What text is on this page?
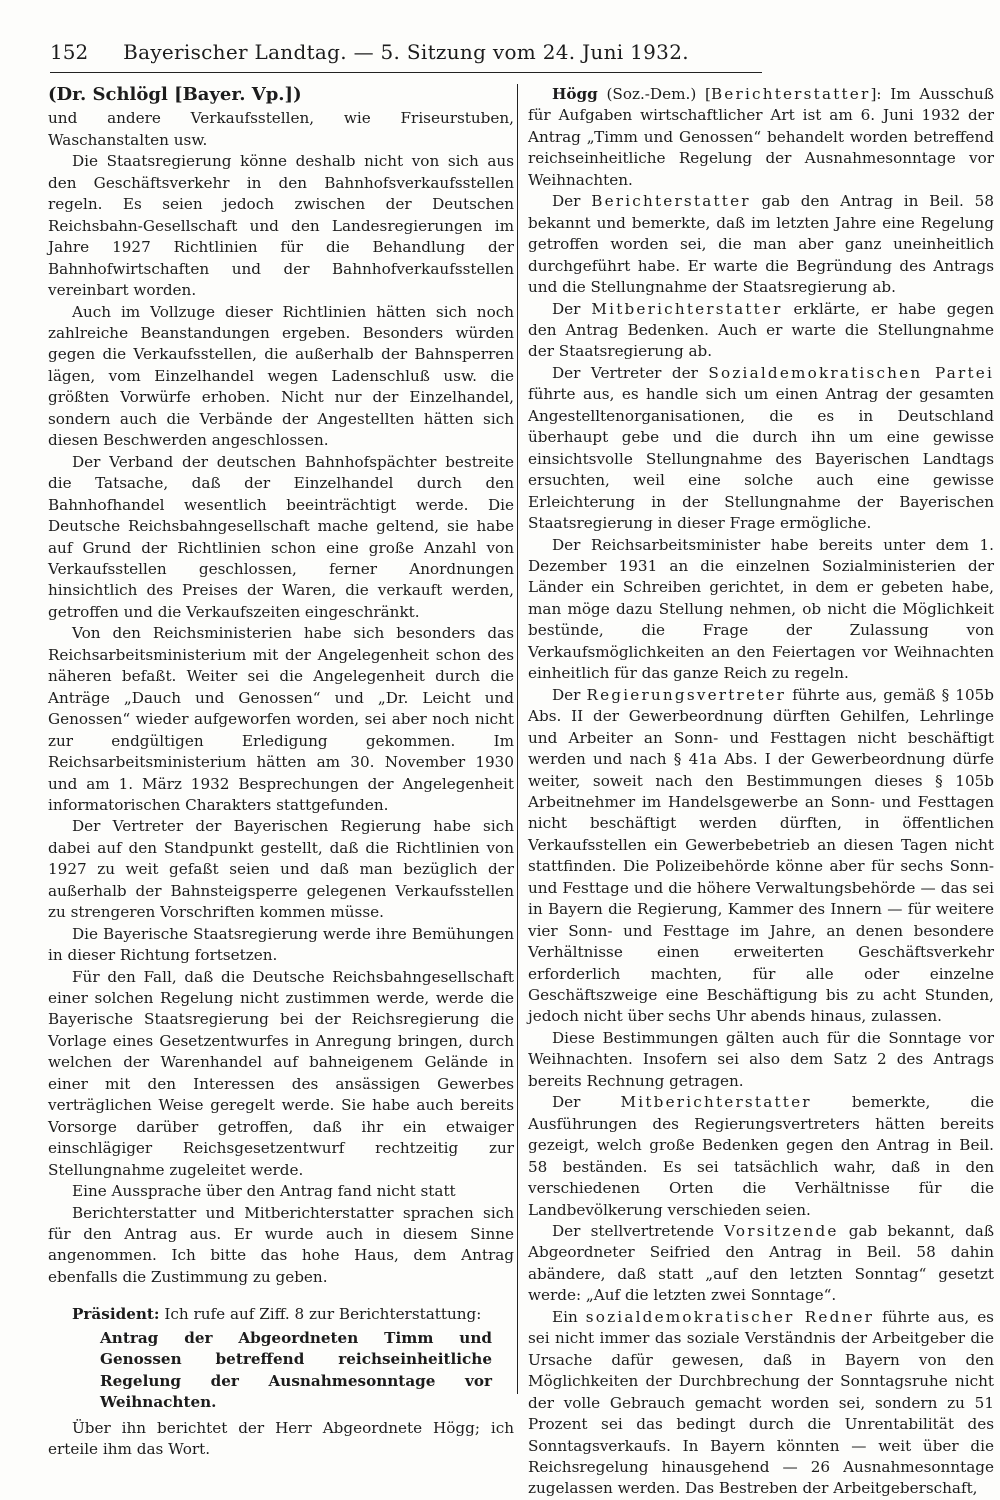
152	Bayerischer Landtag. — 5. Sitzung vom 24. Juni 1932.

(Dr. Schlögl [Bayer. Vp.])

und andere Verkaufsstellen, wie Friseurstuben, Waschanstalten usw.

Die Staatsregierung könne deshalb nicht von sich aus den Geschäftsverkehr in den Bahnhofsverkaufsstellen regeln. Es seien jedoch zwischen der Deutschen Reichsbahn-Gesellschaft und den Landesregierungen im Jahre 1927 Richtlinien für die Behandlung der Bahnhofwirtschaften und der Bahnhofverkaufsstellen vereinbart worden.

Auch im Vollzuge dieser Richtlinien hätten sich noch zahlreiche Beanstandungen ergeben. Besonders würden gegen die Verkaufsstellen, die außerhalb der Bahnsperren lägen, vom Einzelhandel wegen Ladenschluß usw. die größten Vorwürfe erhoben. Nicht nur der Einzelhandel, sondern auch die Verbände der Angestellten hätten sich diesen Beschwerden angeschlossen.

Der Verband der deutschen Bahnhofspächter bestreite die Tatsache, daß der Einzelhandel durch den Bahnhofhandel wesentlich beeinträchtigt werde. Die Deutsche Reichsbahngesellschaft mache geltend, sie habe auf Grund der Richtlinien schon eine große Anzahl von Verkaufsstellen geschlossen, ferner Anordnungen hinsichtlich des Preises der Waren, die verkauft werden, getroffen und die Verkaufszeiten eingeschränkt.

Von den Reichsministerien habe sich besonders das Reichsarbeitsministerium mit der Angelegenheit schon des näheren befaßt. Weiter sei die Angelegenheit durch die Anträge „Dauch und Genossen“ und „Dr. Leicht und Genossen“ wieder aufgeworfen worden, sei aber noch nicht zur endgültigen Erledigung gekommen. Im Reichsarbeitsministerium hätten am 30. November 1930 und am 1. März 1932 Besprechungen der Angelegenheit informatorischen Charakters stattgefunden.

Der Vertreter der Bayerischen Regierung habe sich dabei auf den Standpunkt gestellt, daß die Richtlinien von 1927 zu weit gefaßt seien und daß man bezüglich der außerhalb der Bahnsteigsperre gelegenen Verkaufsstellen zu strengeren Vorschriften kommen müsse.

Die Bayerische Staatsregierung werde ihre Bemühungen in dieser Richtung fortsetzen.

Für den Fall, daß die Deutsche Reichsbahngesellschaft einer solchen Regelung nicht zustimmen werde, werde die Bayerische Staatsregierung bei der Reichsregierung die Vorlage eines Gesetzentwurfes in Anregung bringen, durch welchen der Warenhandel auf bahneigenem Gelände in einer mit den Interessen des ansässigen Gewerbes verträglichen Weise geregelt werde. Sie habe auch bereits Vorsorge darüber getroffen, daß ihr ein etwaiger einschlägiger Reichsgesetzentwurf rechtzeitig zur Stellungnahme zugeleitet werde.

Eine Aussprache über den Antrag fand nicht statt

Berichterstatter und Mitberichterstatter sprachen sich für den Antrag aus. Er wurde auch in diesem Sinne angenommen. Ich bitte das hohe Haus, dem Antrag ebenfalls die Zustimmung zu geben.

Präsident: Ich rufe auf Ziff. 8 zur Berichterstattung:

Antrag der Abgeordneten Timm und Genossen betreffend reichseinheitliche Regelung der Ausnahmesonntage vor Weihnachten.

Über ihn berichtet der Herr Abgeordnete Högg; ich erteile ihm das Wort.

Högg (Soz.-Dem.) [Berichterstatter]: Im Ausschuß für Aufgaben wirtschaftlicher Art ist am 6. Juni 1932 der Antrag „Timm und Genossen“ behandelt worden betreffend reichseinheitliche Regelung der Ausnahmesonntage vor Weihnachten.

Der Berichterstatter gab den Antrag in Beil. 58 bekannt und bemerkte, daß im letzten Jahre eine Regelung getroffen worden sei, die man aber ganz uneinheitlich durchgeführt habe. Er warte die Begründung des Antrags und die Stellungnahme der Staatsregierung ab.

Der Mitberichterstatter erklärte, er habe gegen den Antrag Bedenken. Auch er warte die Stellungnahme der Staatsregierung ab.

Der Vertreter der Sozialdemokratischen Partei führte aus, es handle sich um einen Antrag der gesamten Angestelltenorganisationen, die es in Deutschland überhaupt gebe und die durch ihn um eine gewisse einsichtsvolle Stellungnahme des Bayerischen Landtags ersuchten, weil eine solche auch eine gewisse Erleichterung in der Stellungnahme der Bayerischen Staatsregierung in dieser Frage ermögliche.

Der Reichsarbeitsminister habe bereits unter dem 1. Dezember 1931 an die einzelnen Sozialministerien der Länder ein Schreiben gerichtet, in dem er gebeten habe, man möge dazu Stellung nehmen, ob nicht die Möglichkeit bestünde, die Frage der Zulassung von Verkaufsmöglichkeiten an den Feiertagen vor Weihnachten einheitlich für das ganze Reich zu regeln.

Der Regierungsvertreter führte aus, gemäß § 105b Abs. II der Gewerbeordnung dürften Gehilfen, Lehrlinge und Arbeiter an Sonn- und Festtagen nicht beschäftigt werden und nach § 41a Abs. I der Gewerbeordnung dürfe weiter, soweit nach den Bestimmungen dieses § 105b Arbeitnehmer im Handelsgewerbe an Sonn- und Festtagen nicht beschäftigt werden dürften, in öffentlichen Verkaufsstellen ein Gewerbebetrieb an diesen Tagen nicht stattfinden. Die Polizeibehörde könne aber für sechs Sonn- und Festtage und die höhere Verwaltungsbehörde — das sei in Bayern die Regierung, Kammer des Innern — für weitere vier Sonn- und Festtage im Jahre, an denen besondere Verhältnisse einen erweiterten Geschäftsverkehr erforderlich machten, für alle oder einzelne Geschäftszweige eine Beschäftigung bis zu acht Stunden, jedoch nicht über sechs Uhr abends hinaus, zulassen.

Diese Bestimmungen gälten auch für die Sonntage vor Weihnachten. Insofern sei also dem Satz 2 des Antrags bereits Rechnung getragen.

Der Mitberichterstatter bemerkte, die Ausführungen des Regierungsvertreters hätten bereits gezeigt, welch große Bedenken gegen den Antrag in Beil. 58 beständen. Es sei tatsächlich wahr, daß in den verschiedenen Orten die Verhältnisse für die Landbevölkerung verschieden seien.

Der stellvertretende Vorsitzende gab bekannt, daß Abgeordneter Seifried den Antrag in Beil. 58 dahin abändere, daß statt „auf den letzten Sonntag“ gesetzt werde: „Auf die letzten zwei Sonntage“.

Ein sozialdemokratischer Redner führte aus, es sei nicht immer das soziale Verständnis der Arbeitgeber die Ursache dafür gewesen, daß in Bayern von den Möglichkeiten der Durchbrechung der Sonntagsruhe nicht der volle Gebrauch gemacht worden sei, sondern zu 51 Prozent sei das bedingt durch die Unrentabilität des Sonntagsverkaufs. In Bayern könnten — weit über die Reichsregelung hinausgehend — 26 Ausnahmesonntage zugelassen werden. Das Bestreben der Arbeitgeberschaft,
